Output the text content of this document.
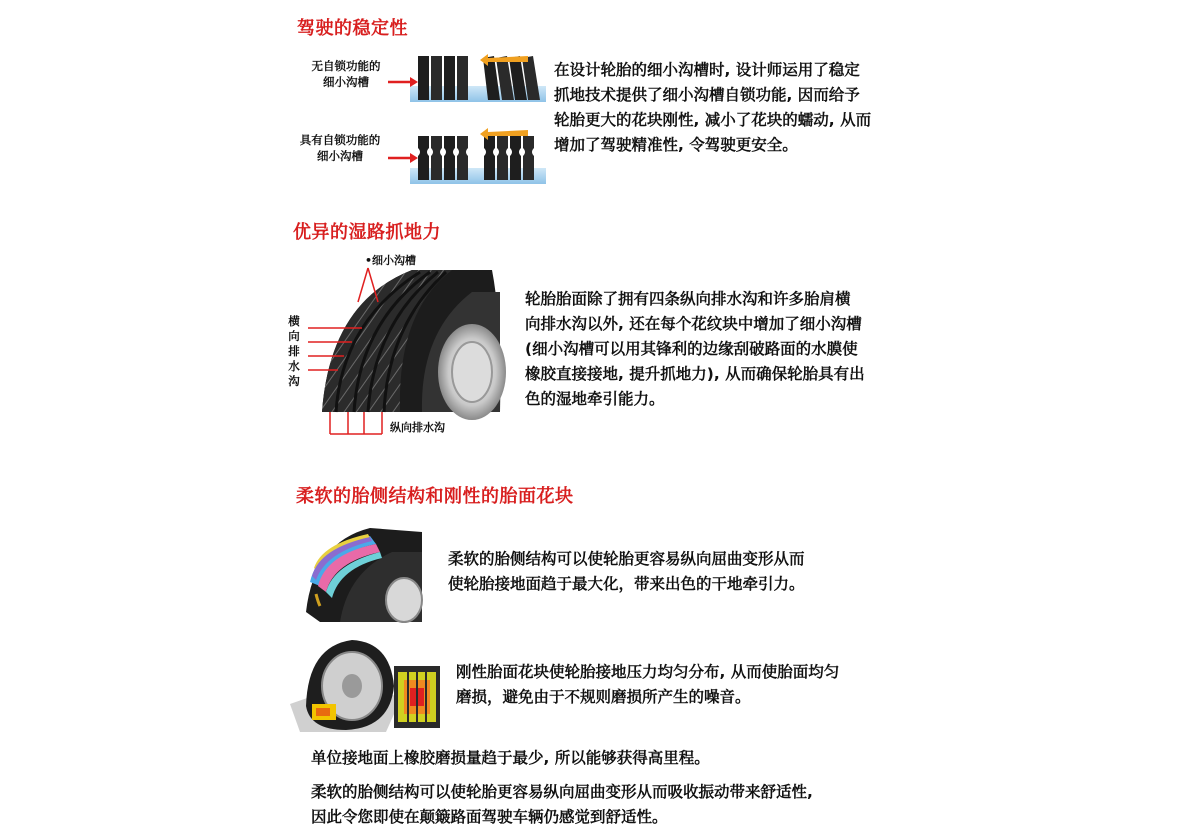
驾驶的稳定性
无自锁功能的
细小沟槽
具有自锁功能的
细小沟槽
在设计轮胎的细小沟槽时, 设计师运用了稳定
抓地技术提供了细小沟槽自锁功能, 因而给予
轮胎更大的花块刚性, 减小了花块的蠕动, 从而
增加了驾驶精准性, 令驾驶更安全。
优异的湿路抓地力
•细小沟槽
横
向
排
水
沟
纵向排水沟
轮胎胎面除了拥有四条纵向排水沟和许多胎肩横
向排水沟以外, 还在每个花纹块中增加了细小沟槽
(细小沟槽可以用其锋利的边缘刮破路面的水膜使
橡胶直接接地, 提升抓地力), 从而确保轮胎具有出
色的湿地牵引能力。
柔软的胎侧结构和刚性的胎面花块
柔软的胎侧结构可以使轮胎更容易纵向屈曲变形从而
使轮胎接地面趋于最大化，带来出色的干地牵引力。
刚性胎面花块使轮胎接地压力均匀分布, 从而使胎面均匀
磨损，避免由于不规则磨损所产生的噪音。
单位接地面上橡胶磨损量趋于最少, 所以能够获得高里程。
柔软的胎侧结构可以使轮胎更容易纵向屈曲变形从而吸收振动带来舒适性,
因此令您即使在颠簸路面驾驶车辆仍感觉到舒适性。
